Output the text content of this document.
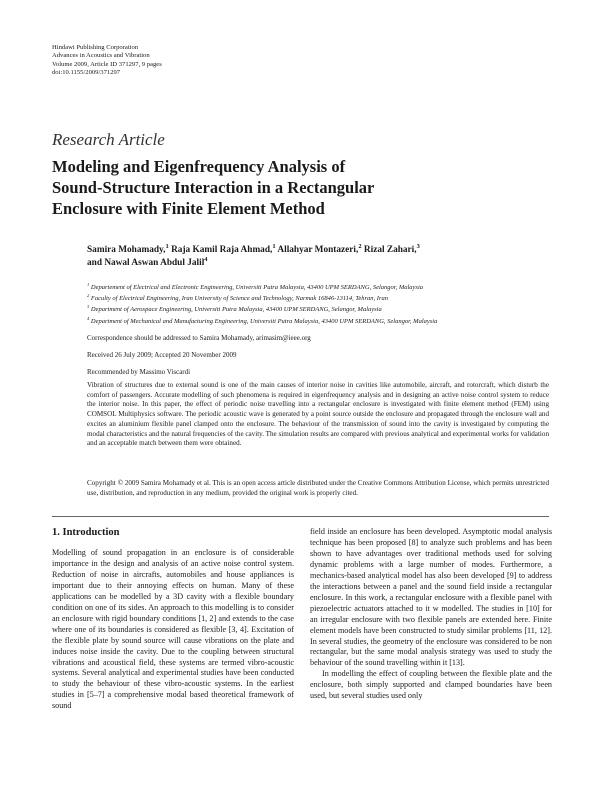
Hindawi Publishing Corporation
Advances in Acoustics and Vibration
Volume 2009, Article ID 371297, 9 pages
doi:10.1155/2009/371297
Research Article
Modeling and Eigenfrequency Analysis of
Sound-Structure Interaction in a Rectangular
Enclosure with Finite Element Method
Samira Mohamady,$^1$ Raja Kamil Raja Ahmad,$^1$ Allahyar Montazeri,$^2$ Rizal Zahari,$^3$
and Nawal Aswan Abdul Jalil$^4$
$^1$ Departement of Electrical and Electronic Engineering, Universiti Putra Malaysia, 43400 UPM SERDANG, Selangor, Malaysia
$^2$ Faculty of Electrical Engineering, Iran University of Science and Technology, Narmak 16846-13114, Tehran, Iran
$^3$ Department of Aerospace Engineering, Universiti Putra Malaysia, 43400 UPM SERDANG, Selangor, Malaysia
$^4$ Department of Mechanical and Manufacturing Engineering, Universiti Putra Malaysia, 43400 UPM SERDANG, Selangor, Malaysia
Correspondence should be addressed to Samira Mohamady, arimasim@ieee.org
Received 26 July 2009; Accepted 20 November 2009
Recommended by Massimo Viscardi
Vibration of structures due to external sound is one of the main causes of interior noise in cavities like automobile, aircraft, and rotorcraft, which disturb the comfort of passengers. Accurate modelling of such phenomena is required in eigenfrequency analysis and in designing an active noise control system to reduce the interior noise. In this paper, the effect of periodic noise travelling into a rectangular enclosure is investigated with finite element method (FEM) using COMSOL Multiphysics software. The periodic acoustic wave is generated by a point source outside the enclosure and propagated through the enclosure wall and excites an aluminium flexible panel clamped onto the enclosure. The behaviour of the transmission of sound into the cavity is investigated by computing the modal characteristics and the natural frequencies of the cavity. The simulation results are compared with previous analytical and experimental works for validation and an acceptable match between them were obtained.
Copyright © 2009 Samira Mohamady et al. This is an open access article distributed under the Creative Commons Attribution License, which permits unrestricted use, distribution, and reproduction in any medium, provided the original work is properly cited.
1. Introduction

Modelling of sound propagation in an enclosure is of considerable importance in the design and analysis of an active noise control system. Reduction of noise in aircrafts, automobiles and house appliances is important due to their annoying effects on human. Many of these applications can be modelled by a 3D cavity with a flexible boundary condition on one of its sides. An approach to this modelling is to consider an enclosure with rigid boundary conditions [1, 2] and extends to the case where one of its boundaries is considered as flexible [3, 4]. Excitation of the flexible plate by sound source will cause vibrations on the plate and induces noise inside the cavity. Due to the coupling between structural vibrations and acoustical field, these systems are termed vibro-acoustic systems. Several analytical and experimental studies have been conducted to study the behaviour of these vibro-acoustic systems. In the earliest studies in [5–7] a comprehensive modal based theoretical framework of sound

field inside an enclosure has been developed. Asymptotic modal analysis technique has been proposed [8] to analyze such problems and has been shown to have advantages over traditional methods used for solving dynamic problems with a large number of modes. Furthermore, a mechanics-based analytical model has also been developed [9] to address the interactions between a panel and the sound field inside a rectangular enclosure. In this work, a rectangular enclosure with a flexible panel with piezoelectric actuators attached to it w modelled. The studies in [10] for an irregular enclosure with two flexible panels are extended here. Finite element models have been constructed to study similar problems [11, 12]. In several studies, the geometry of the enclosure was considered to be non rectangular, but the same modal analysis strategy was used to study the behaviour of the sound travelling within it [13].

In modelling the effect of coupling between the flexible plate and the enclosure, both simply supported and clamped boundaries have been used, but several studies used only
